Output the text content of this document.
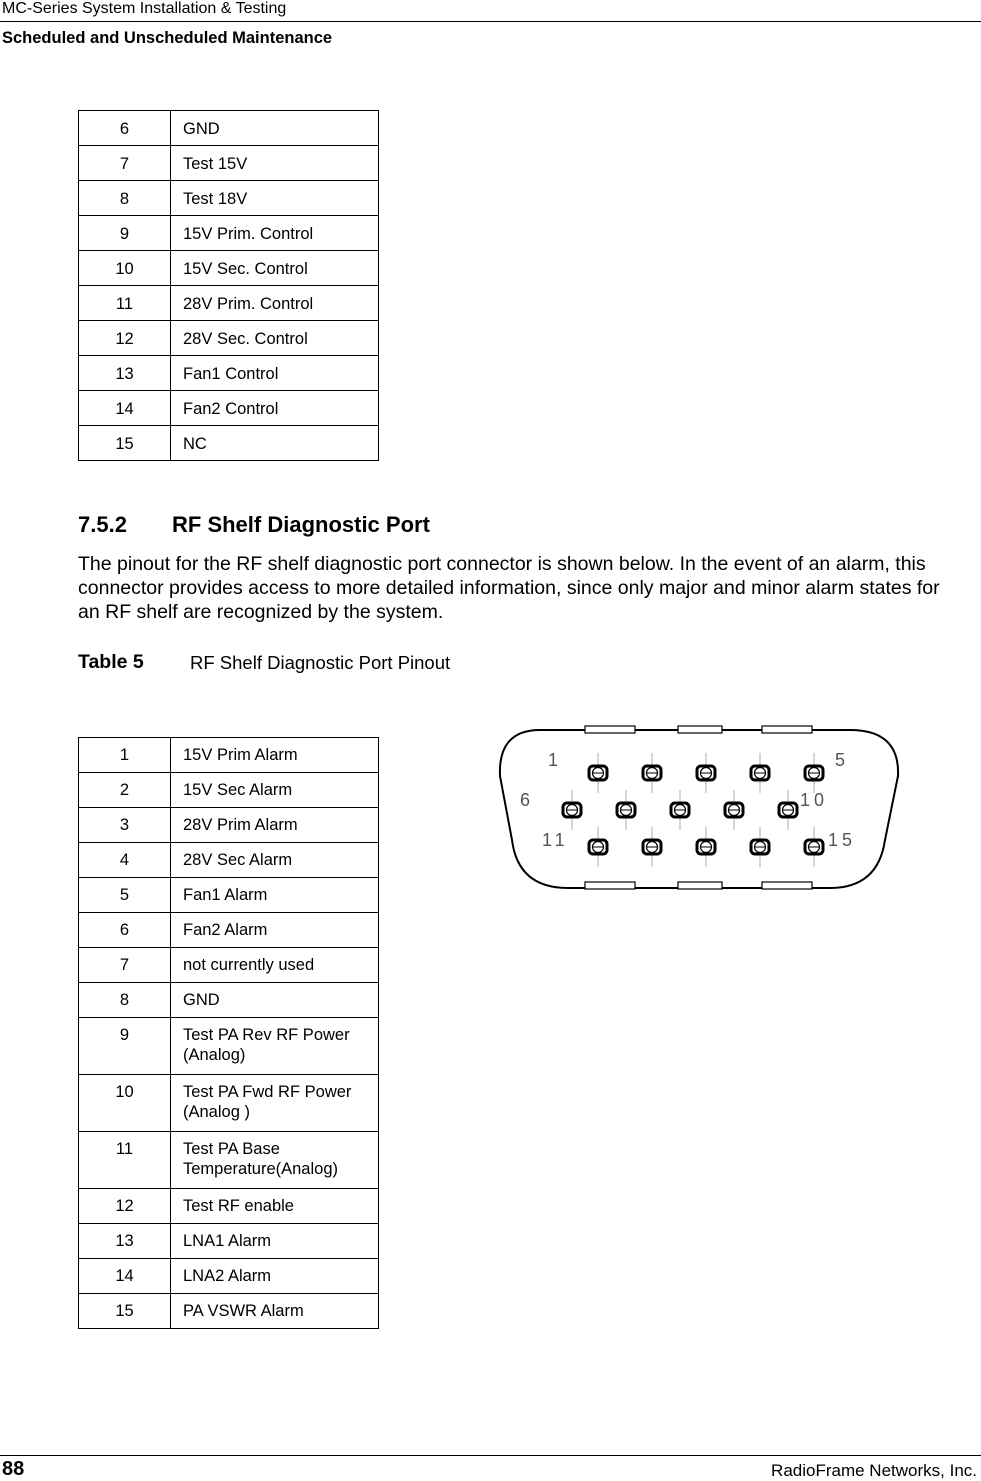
MC-Series System Installation & Testing
Scheduled and Unscheduled Maintenance
6	GND
7	Test 15V
8	Test 18V
9	15V Prim. Control
10	15V Sec. Control
11	28V Prim. Control
12	28V Sec. Control
13	Fan1 Control
14	Fan2 Control
15	NC
7.5.2 RF Shelf Diagnostic Port
The pinout for the RF shelf diagnostic port connector is shown below. In the event of an alarm, this connector provides access to more detailed information, since only major and minor alarm states for an RF shelf are recognized by the system.
Table 5	RF Shelf Diagnostic Port Pinout
1	15V Prim Alarm
2	15V Sec Alarm
3	28V Prim Alarm
4	28V Sec Alarm
5	Fan1 Alarm
6	Fan2 Alarm
7	not currently used
8	GND
9	Test PA Rev RF Power (Analog)
10	Test PA Fwd RF Power (Analog )
11	Test PA Base Temperature(Analog)
12	Test RF enable
13	LNA1 Alarm
14	LNA2 Alarm
15	PA VSWR Alarm
1	5
6	10
11	15
88	RadioFrame Networks, Inc.
